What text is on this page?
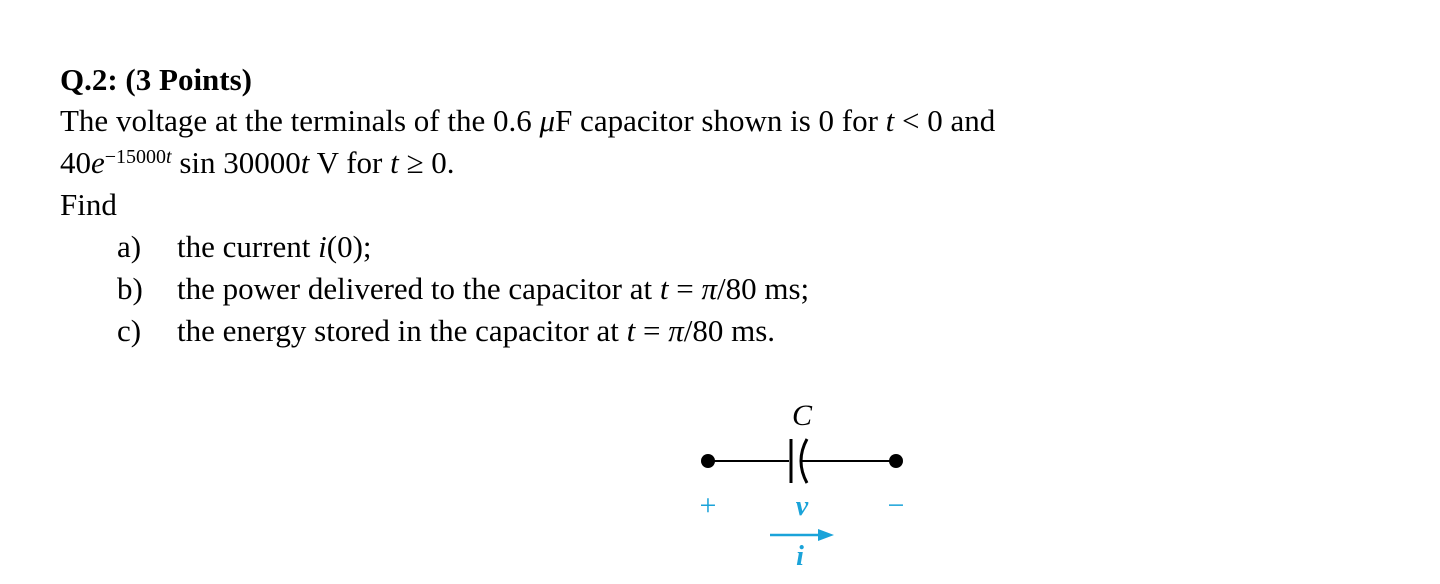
Q.2: (3 Points)

The voltage at the terminals of the 0.6 μF capacitor shown is 0 for t < 0 and

$40e^{-15000t}$ sin 30000t V for t ≥ 0.

Find

a) the current i(0);
b) the power delivered to the capacitor at t = π/80 ms;
c) the energy stored in the capacitor at t = π/80 ms.
C
+	v	−
i
